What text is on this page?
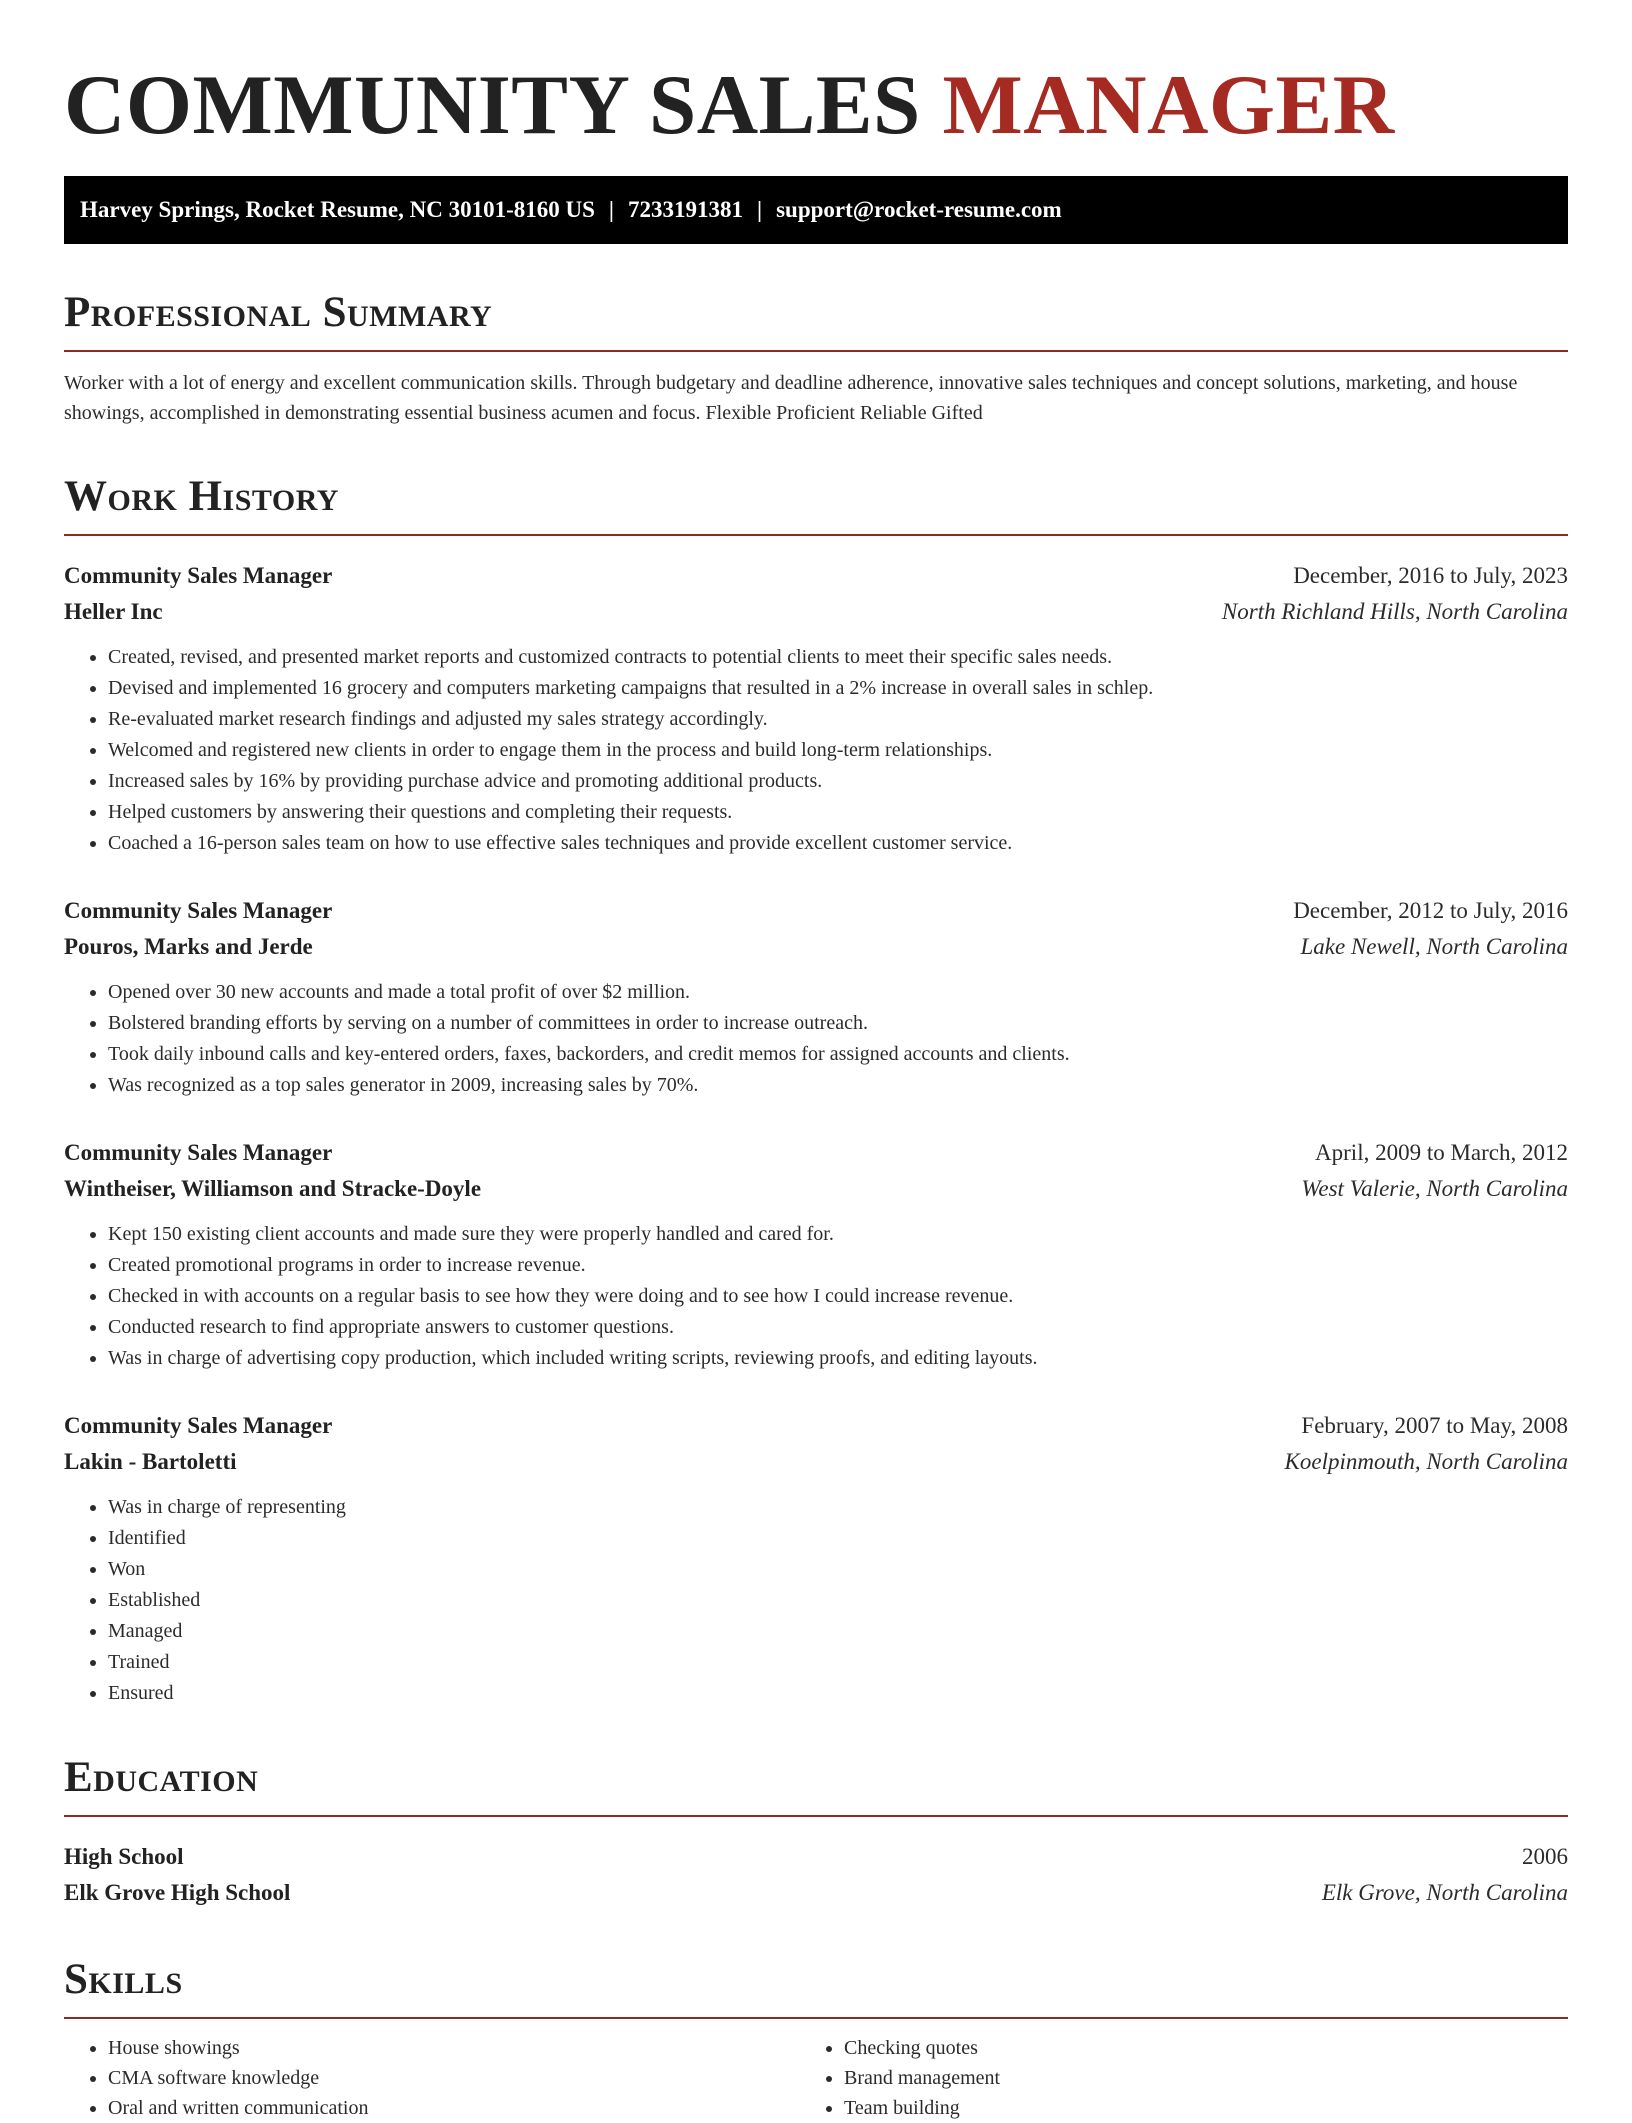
COMMUNITY SALES MANAGER
Harvey Springs, Rocket Resume, NC 30101-8160 US | 7233191381 | support@rocket-resume.com
Professional Summary

Worker with a lot of energy and excellent communication skills. Through budgetary and deadline adherence, innovative sales techniques and concept solutions, marketing, and house showings, accomplished in demonstrating essential business acumen and focus. Flexible Proficient Reliable Gifted

Work History
Community Sales Manager	December, 2016 to July, 2023
Heller Inc	North Richland Hills, North Carolina
• Created, revised, and presented market reports and customized contracts to potential clients to meet their specific sales needs.
• Devised and implemented 16 grocery and computers marketing campaigns that resulted in a 2% increase in overall sales in schlep.
• Re-evaluated market research findings and adjusted my sales strategy accordingly.
• Welcomed and registered new clients in order to engage them in the process and build long-term relationships.
• Increased sales by 16% by providing purchase advice and promoting additional products.
• Helped customers by answering their questions and completing their requests.
• Coached a 16-person sales team on how to use effective sales techniques and provide excellent customer service.
Community Sales Manager	December, 2012 to July, 2016
Pouros, Marks and Jerde	Lake Newell, North Carolina
• Opened over 30 new accounts and made a total profit of over $2 million.
• Bolstered branding efforts by serving on a number of committees in order to increase outreach.
• Took daily inbound calls and key-entered orders, faxes, backorders, and credit memos for assigned accounts and clients.
• Was recognized as a top sales generator in 2009, increasing sales by 70%.
Community Sales Manager	April, 2009 to March, 2012
Wintheiser, Williamson and Stracke-Doyle	West Valerie, North Carolina
• Kept 150 existing client accounts and made sure they were properly handled and cared for.
• Created promotional programs in order to increase revenue.
• Checked in with accounts on a regular basis to see how they were doing and to see how I could increase revenue.
• Conducted research to find appropriate answers to customer questions.
• Was in charge of advertising copy production, which included writing scripts, reviewing proofs, and editing layouts.
Community Sales Manager	February, 2007 to May, 2008
Lakin - Bartoletti	Koelpinmouth, North Carolina
• Was in charge of representing
• Identified
• Won
• Established
• Managed
• Trained
• Ensured
Education
High School	2006
Elk Grove High School	Elk Grove, North Carolina
Skills
• House showings
• CMA software knowledge
• Oral and written communication
• Checking quotes
• Brand management
• Team building
